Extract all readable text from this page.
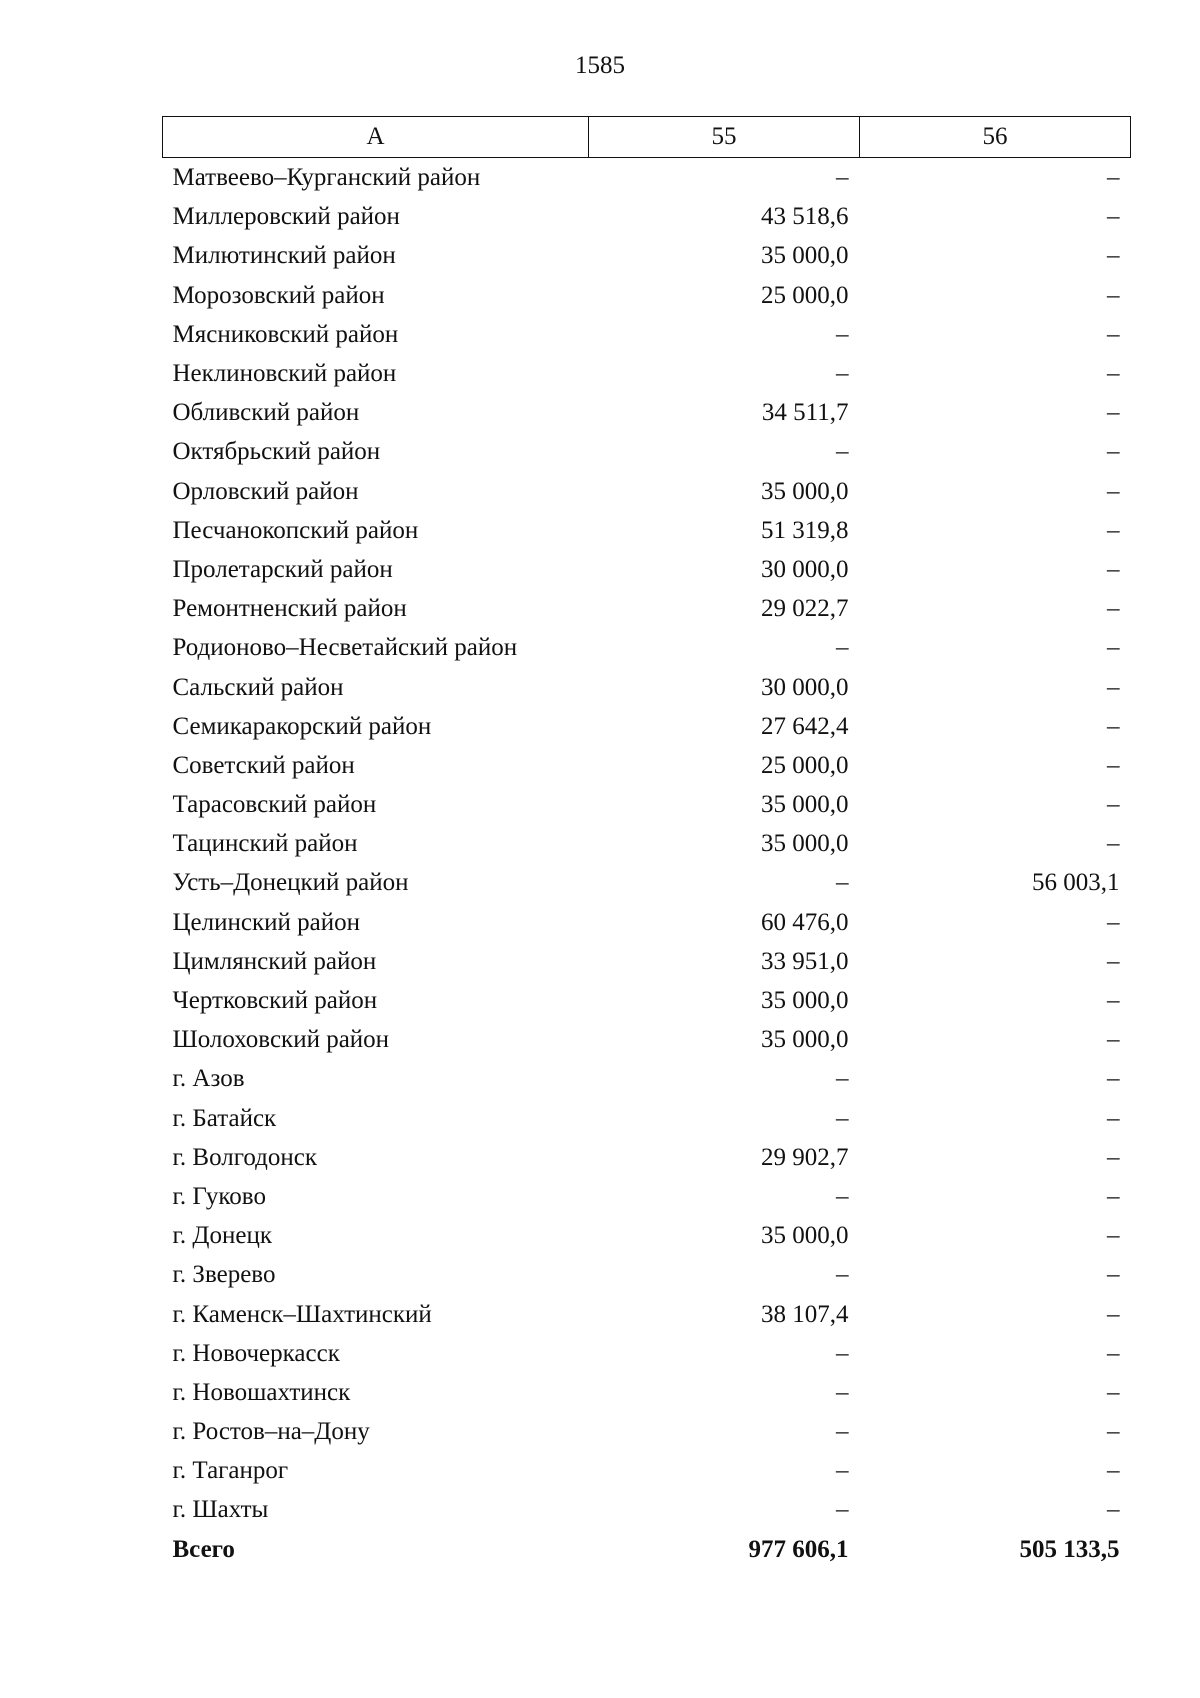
1585
А	55	56
Матвеево–Курганский район	–	–
Миллеровский район	43 518,6	–
Милютинский район	35 000,0	–
Морозовский район	25 000,0	–
Мясниковский район	–	–
Неклиновский район	–	–
Обливский район	34 511,7	–
Октябрьский район	–	–
Орловский район	35 000,0	–
Песчанокопский район	51 319,8	–
Пролетарский район	30 000,0	–
Ремонтненский район	29 022,7	–
Родионово–Несветайский район	–	–
Сальский район	30 000,0	–
Семикаракорский район	27 642,4	–
Советский район	25 000,0	–
Тарасовский район	35 000,0	–
Тацинский район	35 000,0	–
Усть–Донецкий район	–	56 003,1
Целинский район	60 476,0	–
Цимлянский район	33 951,0	–
Чертковский район	35 000,0	–
Шолоховский район	35 000,0	–
г. Азов	–	–
г. Батайск	–	–
г. Волгодонск	29 902,7	–
г. Гуково	–	–
г. Донецк	35 000,0	–
г. Зверево	–	–
г. Каменск–Шахтинский	38 107,4	–
г. Новочеркасск	–	–
г. Новошахтинск	–	–
г. Ростов–на–Дону	–	–
г. Таганрог	–	–
г. Шахты	–	–
Всего	977 606,1	505 133,5
